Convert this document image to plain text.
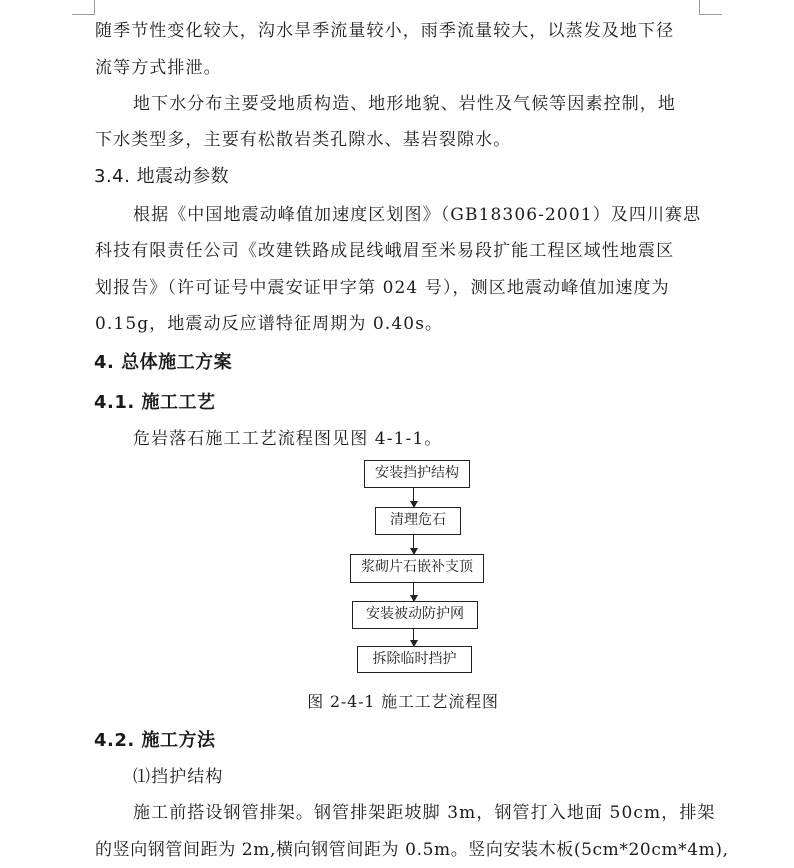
随季节性变化较大，沟水旱季流量较小，雨季流量较大，以蒸发及地下径
流等方式排泄。
地下水分布主要受地质构造、地形地貌、岩性及气候等因素控制，地
下水类型多，主要有松散岩类孔隙水、基岩裂隙水。
3.4. 地震动参数
根据《中国地震动峰值加速度区划图》（GB18306-2001）及四川赛思
科技有限责任公司《改建铁路成昆线峨眉至米易段扩能工程区域性地震区
划报告》（许可证号中震安证甲字第 024 号），测区地震动峰值加速度为
0.15g，地震动反应谱特征周期为 0.40s。
4. 总体施工方案
4.1. 施工工艺
危岩落石施工工艺流程图见图 4-1-1。
安装挡护结构
清理危石
浆砌片石嵌补支顶
安装被动防护网
拆除临时挡护
图 2-4-1 施工工艺流程图
4.2. 施工方法
⑴挡护结构
施工前搭设钢管排架。钢管排架距坡脚 3m，钢管打入地面 50cm，排架
的竖向钢管间距为 2m,横向钢管间距为 0.5m。竖向安装木板(5cm*20cm*4m),
